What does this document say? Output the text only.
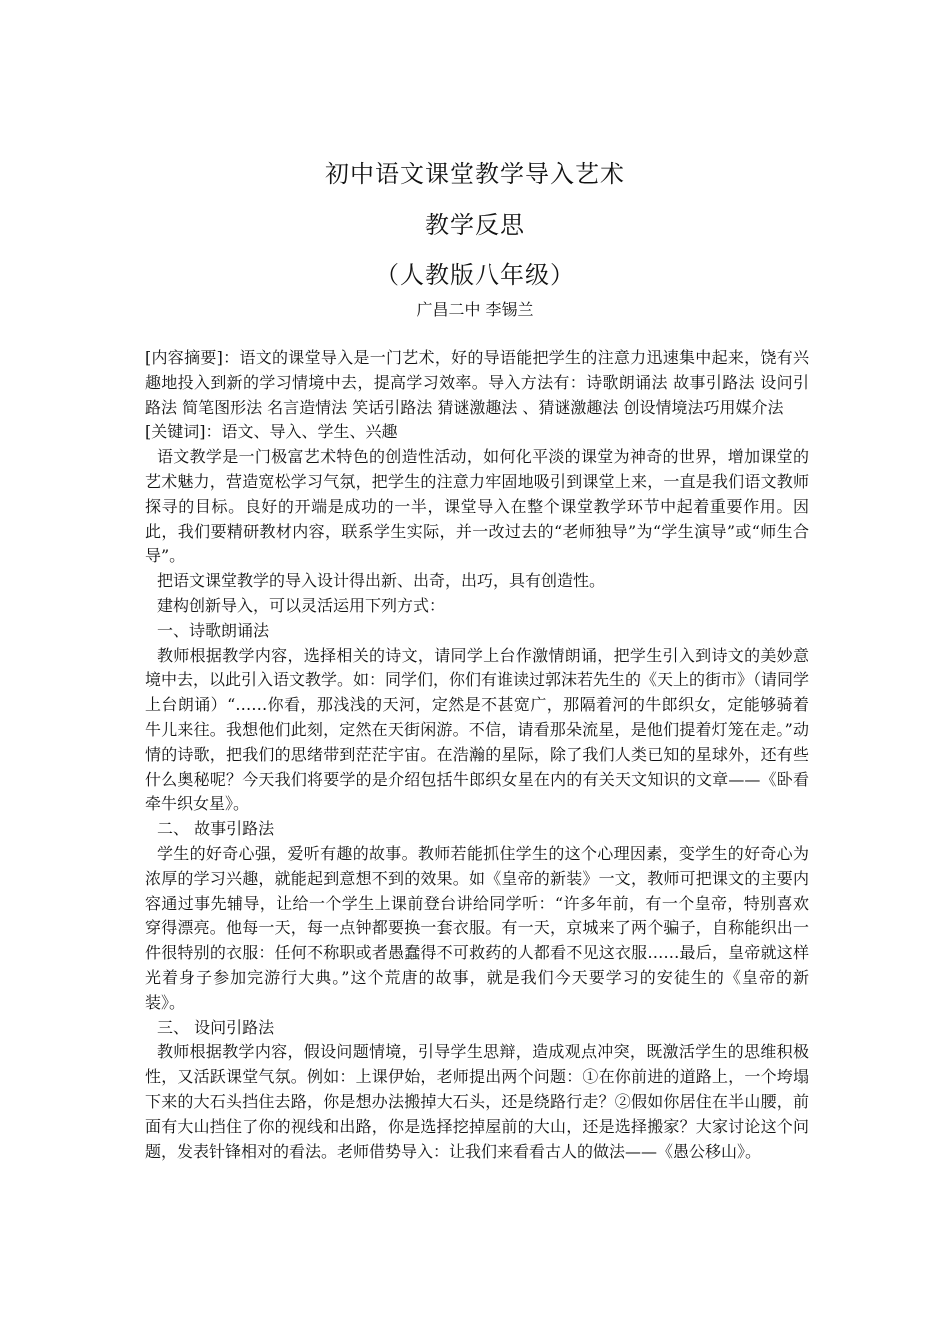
初中语文课堂教学导入艺术
教学反思
（人教版八年级）
广昌二中 李锡兰

[内容摘要]：语文的课堂导入是一门艺术，好的导语能把学生的注意力迅速集中起来，饶有兴趣地投入到新的学习情境中去，提高学习效率。导入方法有：诗歌朗诵法 故事引路法 设问引路法 简笔图形法 名言造情法 笑话引路法 猜谜激趣法 、猜谜激趣法 创设情境法巧用媒介法

[关键词]：语文、导入、学生、兴趣

语文教学是一门极富艺术特色的创造性活动，如何化平淡的课堂为神奇的世界，增加课堂的艺术魅力，营造宽松学习气氛，把学生的注意力牢固地吸引到课堂上来，一直是我们语文教师探寻的目标。良好的开端是成功的一半，课堂导入在整个课堂教学环节中起着重要作用。因此，我们要精研教材内容，联系学生实际，并一改过去的“老师独导”为“学生演导”或“师生合导”。

把语文课堂教学的导入设计得出新、出奇，出巧，具有创造性。

建构创新导入，可以灵活运用下列方式：

一、诗歌朗诵法

教师根据教学内容，选择相关的诗文，请同学上台作激情朗诵，把学生引入到诗文的美妙意境中去，以此引入语文教学。如：同学们，你们有谁读过郭沫若先生的《天上的街市》（请同学上台朗诵）“……你看，那浅浅的天河，定然是不甚宽广，那隔着河的牛郎织女，定能够骑着牛儿来往。我想他们此刻，定然在天街闲游。不信，请看那朵流星，是他们提着灯笼在走。”动情的诗歌，把我们的思绪带到茫茫宇宙。在浩瀚的星际，除了我们人类已知的星球外，还有些什么奥秘呢？今天我们将要学的是介绍包括牛郎织女星在内的有关天文知识的文章——《卧看牵牛织女星》。

二、 故事引路法

学生的好奇心强，爱听有趣的故事。教师若能抓住学生的这个心理因素，变学生的好奇心为浓厚的学习兴趣，就能起到意想不到的效果。如《皇帝的新装》一文，教师可把课文的主要内容通过事先辅导，让给一个学生上课前登台讲给同学听：“许多年前，有一个皇帝，特别喜欢穿得漂亮。他每一天，每一点钟都要换一套衣服。有一天，京城来了两个骗子，自称能织出一件很特别的衣服：任何不称职或者愚蠢得不可救药的人都看不见这衣服……最后，皇帝就这样光着身子参加完游行大典。”这个荒唐的故事，就是我们今天要学习的安徒生的《皇帝的新装》。

三、 设问引路法

教师根据教学内容，假设问题情境，引导学生思辩，造成观点冲突，既激活学生的思维积极性，又活跃课堂气氛。例如：上课伊始，老师提出两个问题：①在你前进的道路上，一个垮塌下来的大石头挡住去路，你是想办法搬掉大石头，还是绕路行走？②假如你居住在半山腰，前面有大山挡住了你的视线和出路，你是选择挖掉屋前的大山，还是选择搬家？大家讨论这个问题，发表针锋相对的看法。老师借势导入：让我们来看看古人的做法——《愚公移山》。
